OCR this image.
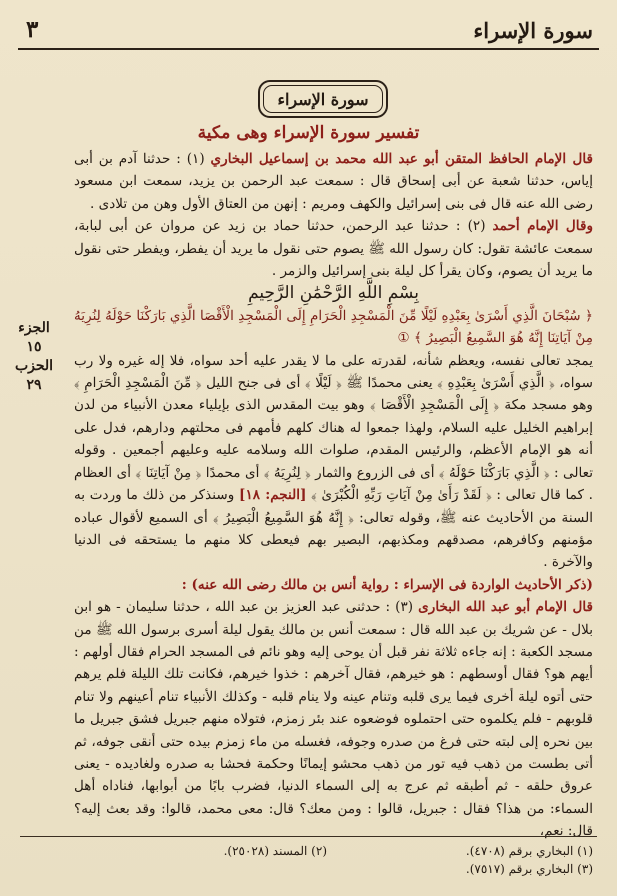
سورة الإسراء
٣
سورة الإسراء
تفسير سورة الإسراء وهى مكية
الجزء
١٥
الحزب
٢٩

قال الإمام الحافظ المتقن أبو عبد الله محمد بن إسماعيل البخاري (١) : حدثنا آدم بن أبى إياس، حدثنا شعبة عن أبى إسحاق قال : سمعت عبد الرحمن بن يزيد، سمعت ابن مسعود رضى الله عنه قال فى بنى إسرائيل والكهف ومريم : إنهن من العتاق الأول وهن من تلادى .

وقال الإمام أحمد (٢) : حدثنا عبد الرحمن، حدثنا حماد بن زيد عن مروان عن أبى لبابة، سمعت عائشة تقول: كان رسول الله ﷺ يصوم حتى نقول ما يريد أن يفطر، ويفطر حتى نقول ما يريد أن يصوم، وكان يقرأ كل ليلة بنى إسرائيل والزمر .

بِسْمِ اللَّهِ الرَّحْمَٰنِ الرَّحِيمِ

﴿ سُبْحَانَ الَّذِي أَسْرَىٰ بِعَبْدِهِ لَيْلًا مِّنَ الْمَسْجِدِ الْحَرَامِ إِلَى الْمَسْجِدِ الْأَقْصَا الَّذِي بَارَكْنَا حَوْلَهُ لِنُرِيَهُ مِنْ آيَاتِنَا إِنَّهُ هُوَ السَّمِيعُ الْبَصِيرُ ﴾ ①

يمجد تعالى نفسه، ويعظم شأنه، لقدرته على ما لا يقدر عليه أحد سواه، فلا إله غيره ولا رب سواه، ﴿ الَّذِي أَسْرَىٰ بِعَبْدِهِ ﴾ يعنى محمدًا ﷺ ﴿ لَيْلًا ﴾ أى فى جنح الليل ﴿ مِّنَ الْمَسْجِدِ الْحَرَامِ ﴾ وهو مسجد مكة ﴿ إِلَى الْمَسْجِدِ الْأَقْصَا ﴾ وهو بيت المقدس الذى بإيلياء معدن الأنبياء من لدن إبراهيم الخليل عليه السلام، ولهذا جمعوا له هناك كلهم فأمهم فى محلتهم ودارهم، فدل على أنه هو الإمام الأعظم، والرئيس المقدم، صلوات الله وسلامه عليه وعليهم أجمعين . وقوله تعالى : ﴿ الَّذِي بَارَكْنَا حَوْلَهُ ﴾ أى فى الزروع والثمار ﴿ لِنُرِيَهُ ﴾ أى محمدًا ﴿ مِنْ آيَاتِنَا ﴾ أى العظام . كما قال تعالى : ﴿ لَقَدْ رَأَىٰ مِنْ آيَاتِ رَبِّهِ الْكُبْرَىٰ ﴾ [النجم: ١٨] وسنذكر من ذلك ما وردت به السنة من الأحاديث عنه ﷺ، وقوله تعالى: ﴿ إِنَّهُ هُوَ السَّمِيعُ الْبَصِيرُ ﴾ أى السميع لأقوال عباده مؤمنهم وكافرهم، مصدقهم ومكذبهم، البصير بهم فيعطى كلا منهم ما يستحقه فى الدنيا والآخرة .

(ذكر الأحاديث الواردة فى الإسراء : رواية أنس بن مالك رضى الله عنه) :

قال الإمام أبو عبد الله البخارى (٣) : حدثنى عبد العزيز بن عبد الله ، حدثنا سليمان - هو ابن بلال - عن شريك بن عبد الله قال : سمعت أنس بن مالك يقول ليلة أسرى برسول الله ﷺ من مسجد الكعبة : إنه جاءه ثلاثة نفر قبل أن يوحى إليه وهو نائم فى المسجد الحرام فقال أولهم : أيهم هو؟ فقال أوسطهم : هو خيرهم، فقال آخرهم : خذوا خيرهم، فكانت تلك الليلة فلم يرهم حتى أتوه ليلة أخرى فيما يرى قلبه وتنام عينه ولا ينام قلبه - وكذلك الأنبياء تنام أعينهم ولا تنام قلوبهم - فلم يكلموه حتى احتملوه فوضعوه عند بئر زمزم، فتولاه منهم جبريل فشق جبريل ما بين نحره إلى لبته حتى فرغ من صدره وجوفه، فغسله من ماء زمزم بيده حتى أنقى جوفه، ثم أتى بطست من ذهب فيه تور من ذهب محشو إيمانًا وحكمة فحشا به صدره ولغاديده - يعنى عروق حلقه - ثم أطبقه ثم عرج به إلى السماء الدنيا، فضرب بابًا من أبوابها، فناداه أهل السماء: من هذا؟ فقال : جبريل، قالوا : ومن معك؟ قال: معى محمد، قالوا: وقد بعث إليه؟ قال: نعم،

(١) البخاري برقم (٤٧٠٨).
(٣) البخاري برقم (٧٥١٧).
(٢) المسند (٢٥٠٢٨).
